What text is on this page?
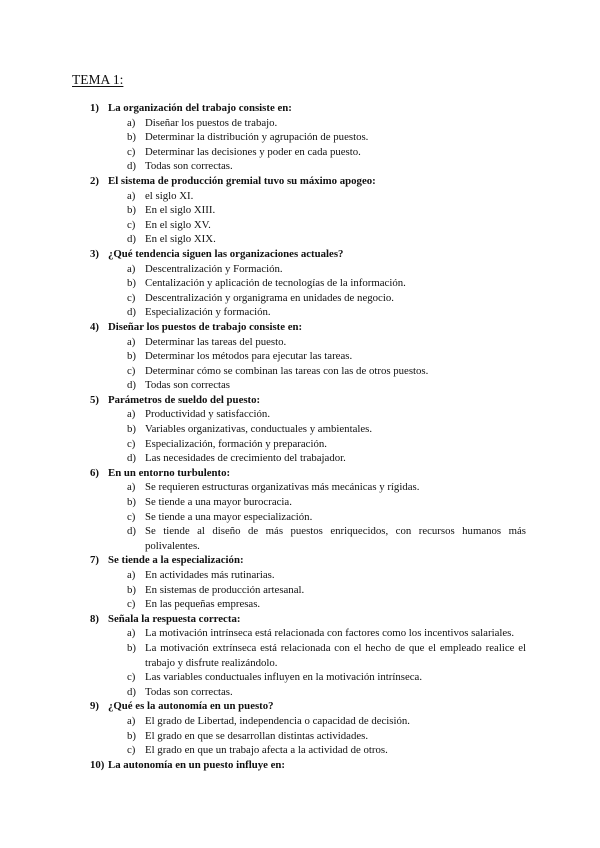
TEMA 1:
1) La organización del trabajo consiste en:
a) Diseñar los puestos de trabajo.
b) Determinar la distribución y agrupación de puestos.
c) Determinar las decisiones y poder en cada puesto.
d) Todas son correctas.
2) El sistema de producción gremial tuvo su máximo apogeo:
a) el siglo XI.
b) En el siglo XIII.
c) En el siglo XV.
d) En el siglo XIX.
3) ¿Qué tendencia siguen las organizaciones actuales?
a) Descentralización y Formación.
b) Centalización y aplicación de tecnologías de la información.
c) Descentralización y organigrama en unidades de negocio.
d) Especialización y formación.
4) Diseñar los puestos de trabajo consiste en:
a) Determinar las tareas del puesto.
b) Determinar los métodos para ejecutar las tareas.
c) Determinar cómo se combinan las tareas con las de otros puestos.
d) Todas son correctas
5) Parámetros de sueldo del puesto:
a) Productividad y satisfacción.
b) Variables organizativas, conductuales y ambientales.
c) Especialización, formación y preparación.
d) Las necesidades de crecimiento del trabajador.
6) En un entorno turbulento:
a) Se requieren estructuras organizativas más mecánicas y rígidas.
b) Se tiende a una mayor burocracia.
c) Se tiende a una mayor especialización.
d) Se tiende al diseño de más puestos enriquecidos, con recursos humanos más polivalentes.
7) Se tiende a la especialización:
a) En actividades más rutinarias.
b) En sistemas de producción artesanal.
c) En las pequeñas empresas.
8) Señala la respuesta correcta:
a) La motivación intrínseca está relacionada con factores como los incentivos salariales.
b) La motivación extrínseca está relacionada con el hecho de que el empleado realice el trabajo y disfrute realizándolo.
c) Las variables conductuales influyen en la motivación intrínseca.
d) Todas son correctas.
9) ¿Qué es la autonomía en un puesto?
a) El grado de Libertad, independencia o capacidad de decisión.
b) El grado en que se desarrollan distintas actividades.
c) El grado en que un trabajo afecta a la actividad de otros.
10) La autonomía en un puesto influye en:
